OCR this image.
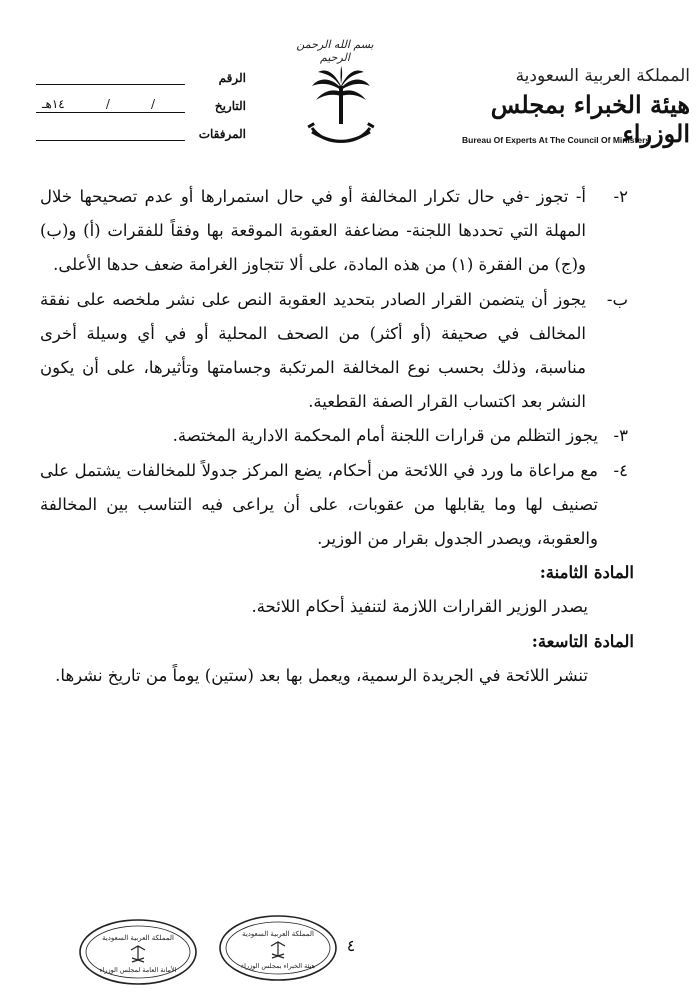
بسم الله الرحمن الرحيم
المملكة العربية السعودية
هيئة الخبراء بمجلس الوزراء
Bureau Of Experts At The Council Of Ministers
الرقم
التاريخ
/
/
١٤هـ
المرفقات
٢-
أ- تجوز -في حال تكرار المخالفة أو في حال استمرارها أو عدم تصحيحها خلال المهلة التي تحددها اللجنة- مضاعفة العقوبة الموقعة بها وفقاً للفقرات (أ) و(ب) و(ج) من الفقرة (١) من هذه المادة، على ألا تتجاوز الغرامة ضعف حدها الأعلى.
ب-
يجوز أن يتضمن القرار الصادر بتحديد العقوبة النص على نشر ملخصه على نفقة المخالف في صحيفة (أو أكثر) من الصحف المحلية أو في أي وسيلة أخرى مناسبة، وذلك بحسب نوع المخالفة المرتكبة وجسامتها وتأثيرها، على أن يكون النشر بعد اكتساب القرار الصفة القطعية.
٣-
يجوز التظلم من قرارات اللجنة أمام المحكمة الادارية المختصة.
٤-
مع مراعاة ما ورد في اللائحة من أحكام، يضع المركز جدولاً للمخالفات يشتمل على تصنيف لها وما يقابلها من عقوبات، على أن يراعى فيه التناسب بين المخالفة والعقوبة، ويصدر الجدول بقرار من الوزير.
المادة الثامنة:
يصدر الوزير القرارات اللازمة لتنفيذ أحكام اللائحة.
المادة التاسعة:
تنشر اللائحة في الجريدة الرسمية، ويعمل بها بعد (ستين) يوماً من تاريخ نشرها.
٤
المملكة العربية السعودية
الأمانة العامة لمجلس الوزراء
المملكة العربية السعودية
هيئة الخبراء بمجلس الوزراء
